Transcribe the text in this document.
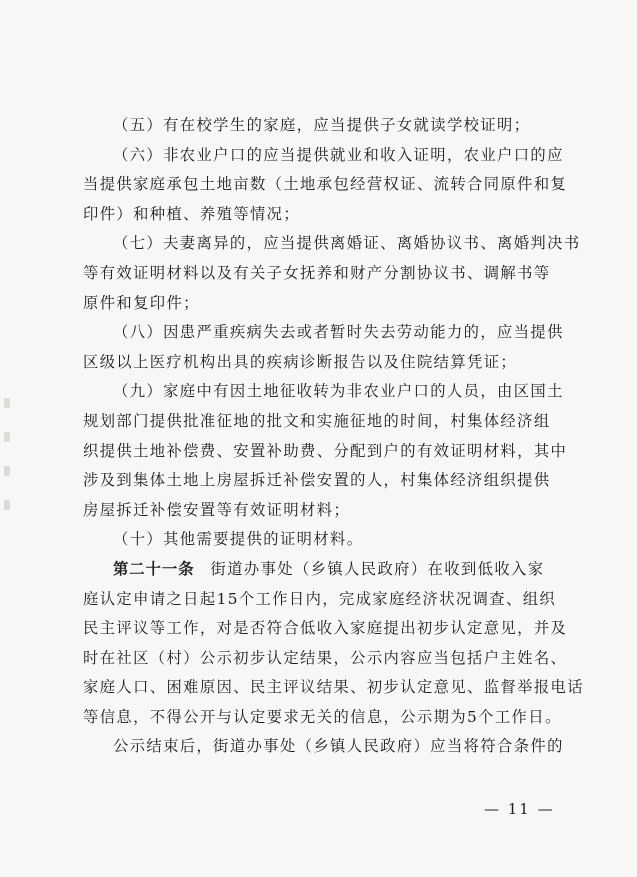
（五）有在校学生的家庭，应当提供子女就读学校证明；

（六）非农业户口的应当提供就业和收入证明，农业户口的应
当提供家庭承包土地亩数（土地承包经营权证、流转合同原件和复
印件）和种植、养殖等情况；

（七）夫妻离异的，应当提供离婚证、离婚协议书、离婚判决书
等有效证明材料以及有关子女抚养和财产分割协议书、调解书等
原件和复印件；

（八）因患严重疾病失去或者暂时失去劳动能力的，应当提供
区级以上医疗机构出具的疾病诊断报告以及住院结算凭证；

（九）家庭中有因土地征收转为非农业户口的人员，由区国土
规划部门提供批准征地的批文和实施征地的时间，村集体经济组
织提供土地补偿费、安置补助费、分配到户的有效证明材料，其中
涉及到集体土地上房屋拆迁补偿安置的人，村集体经济组织提供
房屋拆迁补偿安置等有效证明材料；

（十）其他需要提供的证明材料。

第二十一条 街道办事处（乡镇人民政府）在收到低收入家
庭认定申请之日起15个工作日内，完成家庭经济状况调查、组织
民主评议等工作，对是否符合低收入家庭提出初步认定意见，并及
时在社区（村）公示初步认定结果，公示内容应当包括户主姓名、
家庭人口、困难原因、民主评议结果、初步认定意见、监督举报电话
等信息，不得公开与认定要求无关的信息，公示期为5个工作日。

公示结束后，街道办事处（乡镇人民政府）应当将符合条件的

— 11 —
